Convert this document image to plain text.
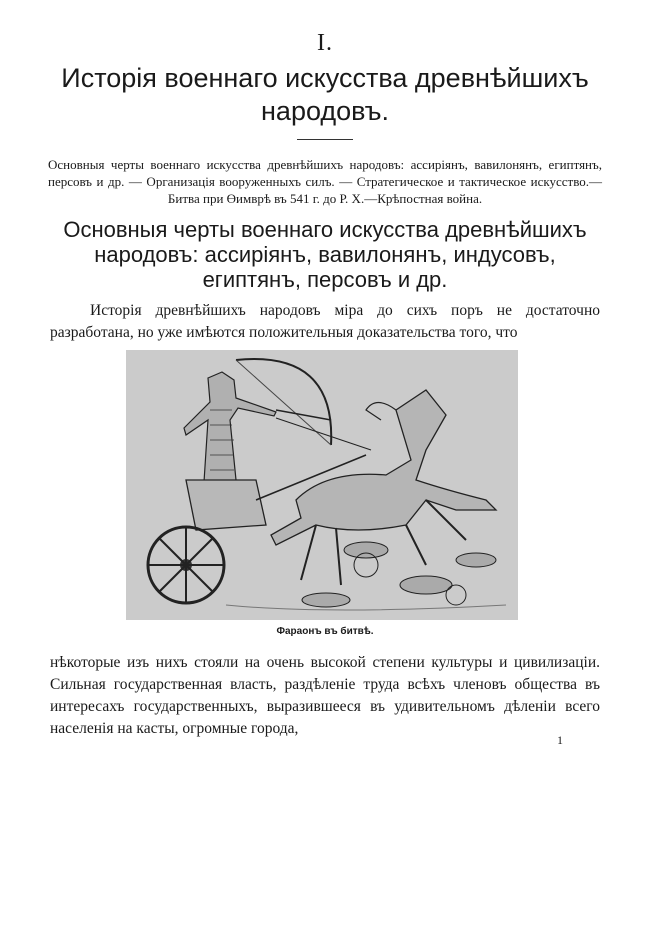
I.
Исторія военнаго искусства древнѣйшихъ народовъ.
Основныя черты военнаго искусства древнѣйшихъ народовъ: ассиріянъ, вавилонянъ, египтянъ, персовъ и др. — Организація вооруженныхъ силъ. — Стратегическое и тактическое искусство.— Битва при Өимврѣ въ 541 г. до Р. Х.—Крѣпостная война.
Основныя черты военнаго искусства древнѣйшихъ народовъ: ассиріянъ, вавилонянъ, индусовъ, египтянъ, персовъ и др.
Исторія древнѣйшихъ народовъ міра до сихъ поръ не достаточно разработана, но уже имѣются положительныя доказательства того, что
Фараонъ въ битвѣ.
нѣкоторые изъ нихъ стояли на очень высокой степени культуры и цивилизаціи. Сильная государственная власть, раздѣленіе труда всѣхъ членовъ общества въ интересахъ государственныхъ, выразившееся въ удивительномъ дѣленіи всего населенія на касты, огромные города,
1
